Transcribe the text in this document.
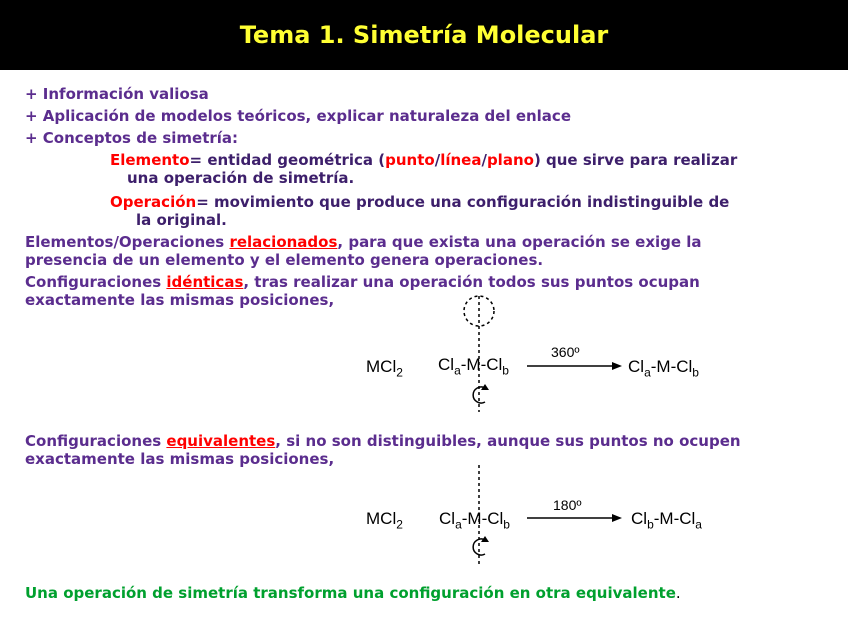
Tema 1. Simetría Molecular

+ Información valiosa

+ Aplicación de modelos teóricos, explicar naturaleza del enlace

+ Conceptos de simetría:

Elemento= entidad geométrica (punto/línea/plano) que sirve para realizar
una operación de simetría.

Operación= movimiento que produce una configuración indistinguible de
la original.

Elementos/Operaciones relacionados, para que exista una operación se exige la
presencia de un elemento y el elemento genera operaciones.

Configuraciones idénticas, tras realizar una operación todos sus puntos ocupan
exactamente las mismas posiciones,

MCl$_2$ $Cl_a-M-Cl_b$
360º
$Cl_a-M-Cl_b$

Configuraciones equivalentes, si no son distinguibles, aunque sus puntos no ocupen
exactamente las mismas posiciones,

MCl$_2$ $Cl_a-M-Cl_b$
180º
$Cl_b-M-Cl_a$

Una operación de simetría transforma una configuración en otra equivalente.
